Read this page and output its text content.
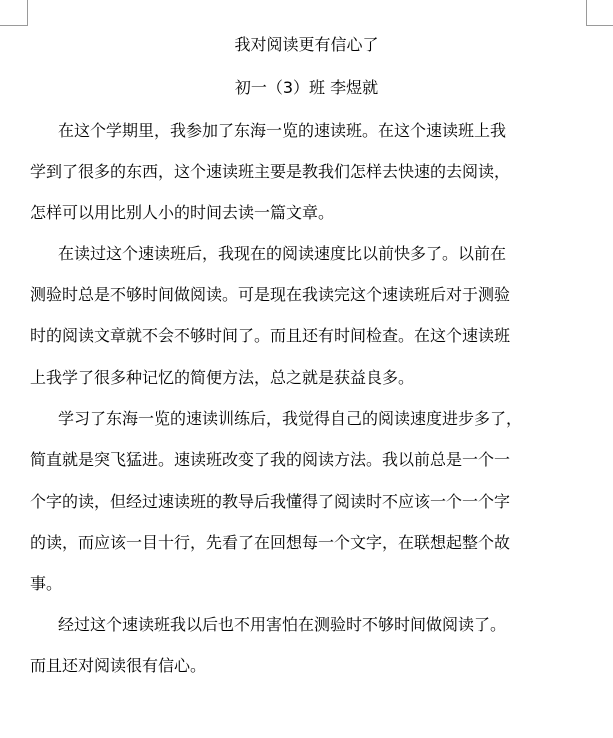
我对阅读更有信心了
初一（3）班 李煜就
在这个学期里，我参加了东海一览的速读班。在这个速读班上我
学到了很多的东西，这个速读班主要是教我们怎样去快速的去阅读，
怎样可以用比别人小的时间去读一篇文章。
在读过这个速读班后，我现在的阅读速度比以前快多了。以前在
测验时总是不够时间做阅读。可是现在我读完这个速读班后对于测验
时的阅读文章就不会不够时间了。而且还有时间检查。在这个速读班
上我学了很多种记忆的简便方法，总之就是获益良多。
学习了东海一览的速读训练后，我觉得自己的阅读速度进步多了，
简直就是突飞猛进。速读班改变了我的阅读方法。我以前总是一个一
个字的读，但经过速读班的教导后我懂得了阅读时不应该一个一个字
的读，而应该一目十行，先看了在回想每一个文字，在联想起整个故
事。
经过这个速读班我以后也不用害怕在测验时不够时间做阅读了。
而且还对阅读很有信心。
